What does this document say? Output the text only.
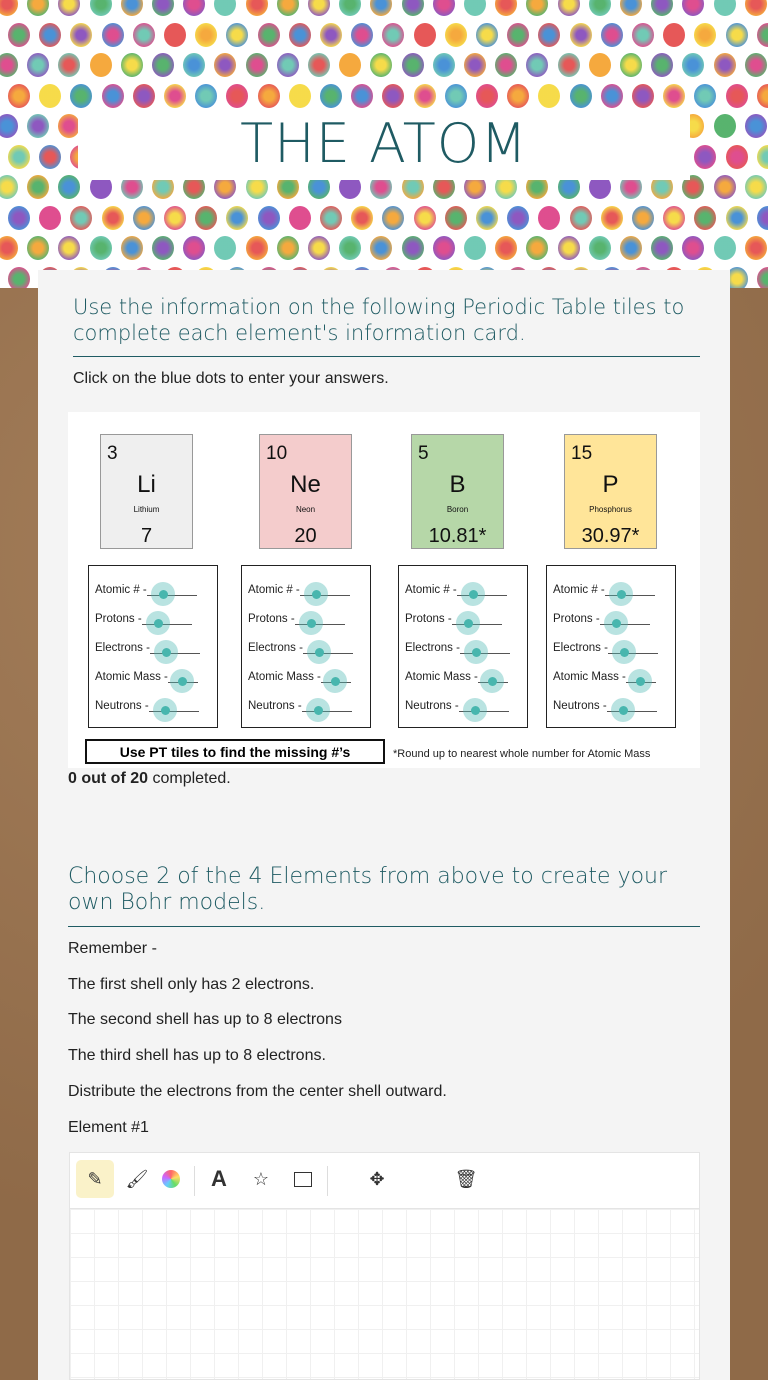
THE ATOM
Use the information on the following Periodic Table tiles to complete each element's information card.
Click on the blue dots to enter your answers.
Use PT tiles to find the missing #’s	*Round up to nearest whole number for Atomic Mass
3
Li
Lithium
7
Atomic # -
Protons -
Electrons -
Atomic Mass -
Neutrons -
10
Ne
Neon
20
Atomic # -
Protons -
Electrons -
Atomic Mass -
Neutrons -
5
B
Boron
10.81*
Atomic # -
Protons -
Electrons -
Atomic Mass -
Neutrons -
15
P
Phosphorus
30.97*
Atomic # -
Protons -
Electrons -
Atomic Mass -
Neutrons -
0 out of 20 completed.
Choose 2 of the 4 Elements from above to create your own Bohr models.
Remember -
The first shell only has 2 electrons.
The second shell has up to 8 electrons
The third shell has up to 8 electrons.
Distribute the electrons from the center shell outward.
Element #1
✎	🖌︎	A	☆	✥	🗑︎
